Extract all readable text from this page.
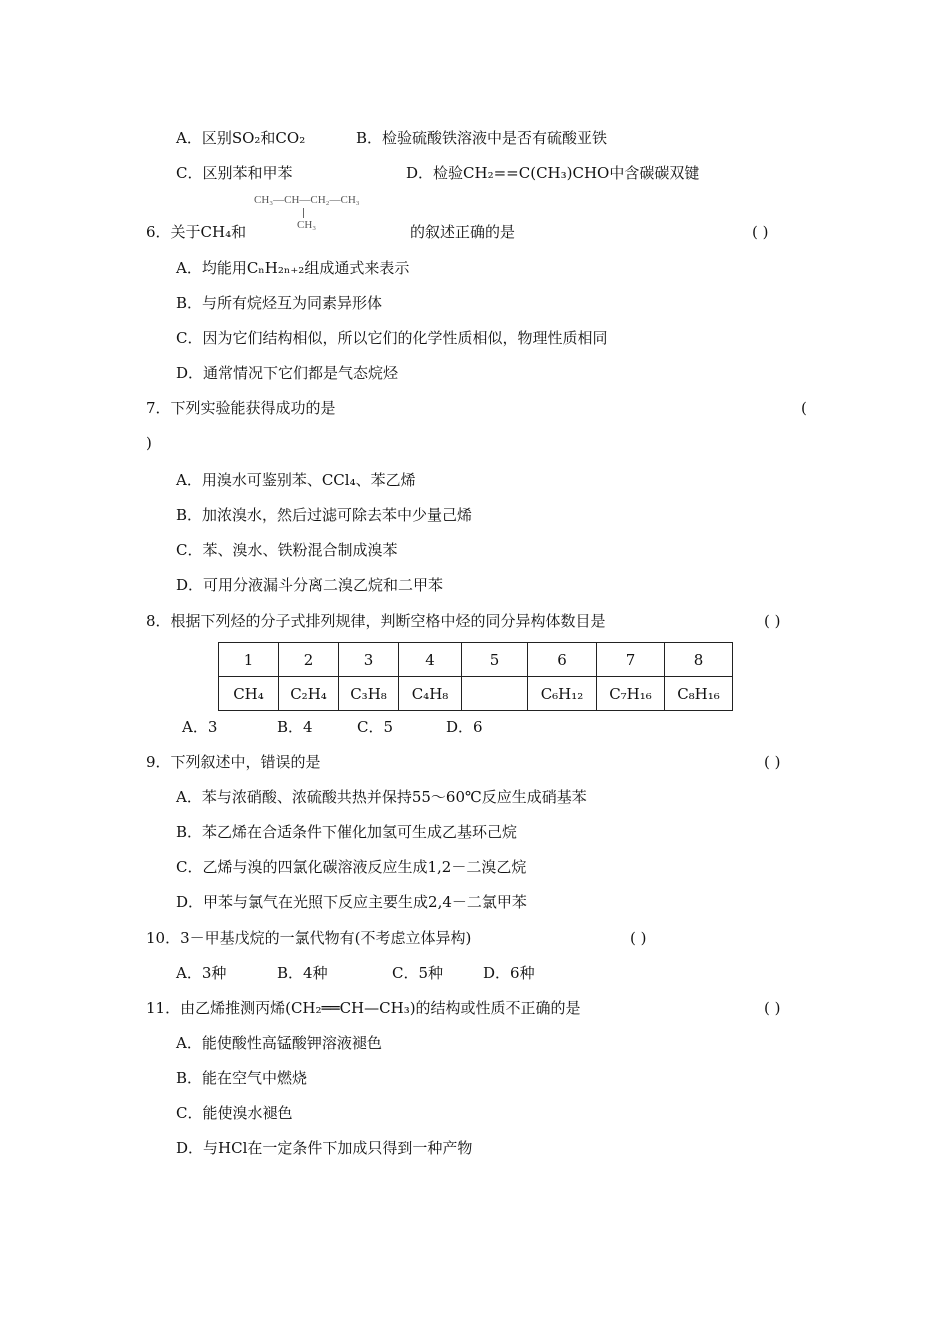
A．区别SO₂和CO₂	B．检验硫酸铁溶液中是否有硫酸亚铁
C．区别苯和甲苯	D．检验CH₂==C(CH₃)CHO中含碳碳双键
CH₃—CH—CH₂—CH₃
CH₃
6．关于CH₄和	的叙述正确的是	( )
A．均能用CₙH₂ₙ₊₂组成通式来表示
B．与所有烷烃互为同素异形体
C．因为它们结构相似，所以它们的化学性质相似，物理性质相同
D．通常情况下它们都是气态烷烃
7．下列实验能获得成功的是	(
)
A．用溴水可鉴别苯、CCl₄、苯乙烯
B．加浓溴水，然后过滤可除去苯中少量己烯
C．苯、溴水、铁粉混合制成溴苯
D．可用分液漏斗分离二溴乙烷和二甲苯
8．根据下列烃的分子式排列规律，判断空格中烃的同分异构体数目是	( )
1	2	3	4	5	6	7	8
CH₄	C₂H₄	C₃H₈	C₄H₈		C₆H₁₂	C₇H₁₆	C₈H₁₆
A．3	B．4	C．5	D．6
9．下列叙述中，错误的是	( )
A．苯与浓硝酸、浓硫酸共热并保持55～60℃反应生成硝基苯
B．苯乙烯在合适条件下催化加氢可生成乙基环己烷
C．乙烯与溴的四氯化碳溶液反应生成1,2－二溴乙烷
D．甲苯与氯气在光照下反应主要生成2,4－二氯甲苯
10．3－甲基戊烷的一氯代物有(不考虑立体异构)	( )
A．3种	B．4种	C．5种	D．6种
11．由乙烯推测丙烯(CH₂══CH—CH₃)的结构或性质不正确的是	( )
A．能使酸性高锰酸钾溶液褪色
B．能在空气中燃烧
C．能使溴水褪色
D．与HCl在一定条件下加成只得到一种产物
